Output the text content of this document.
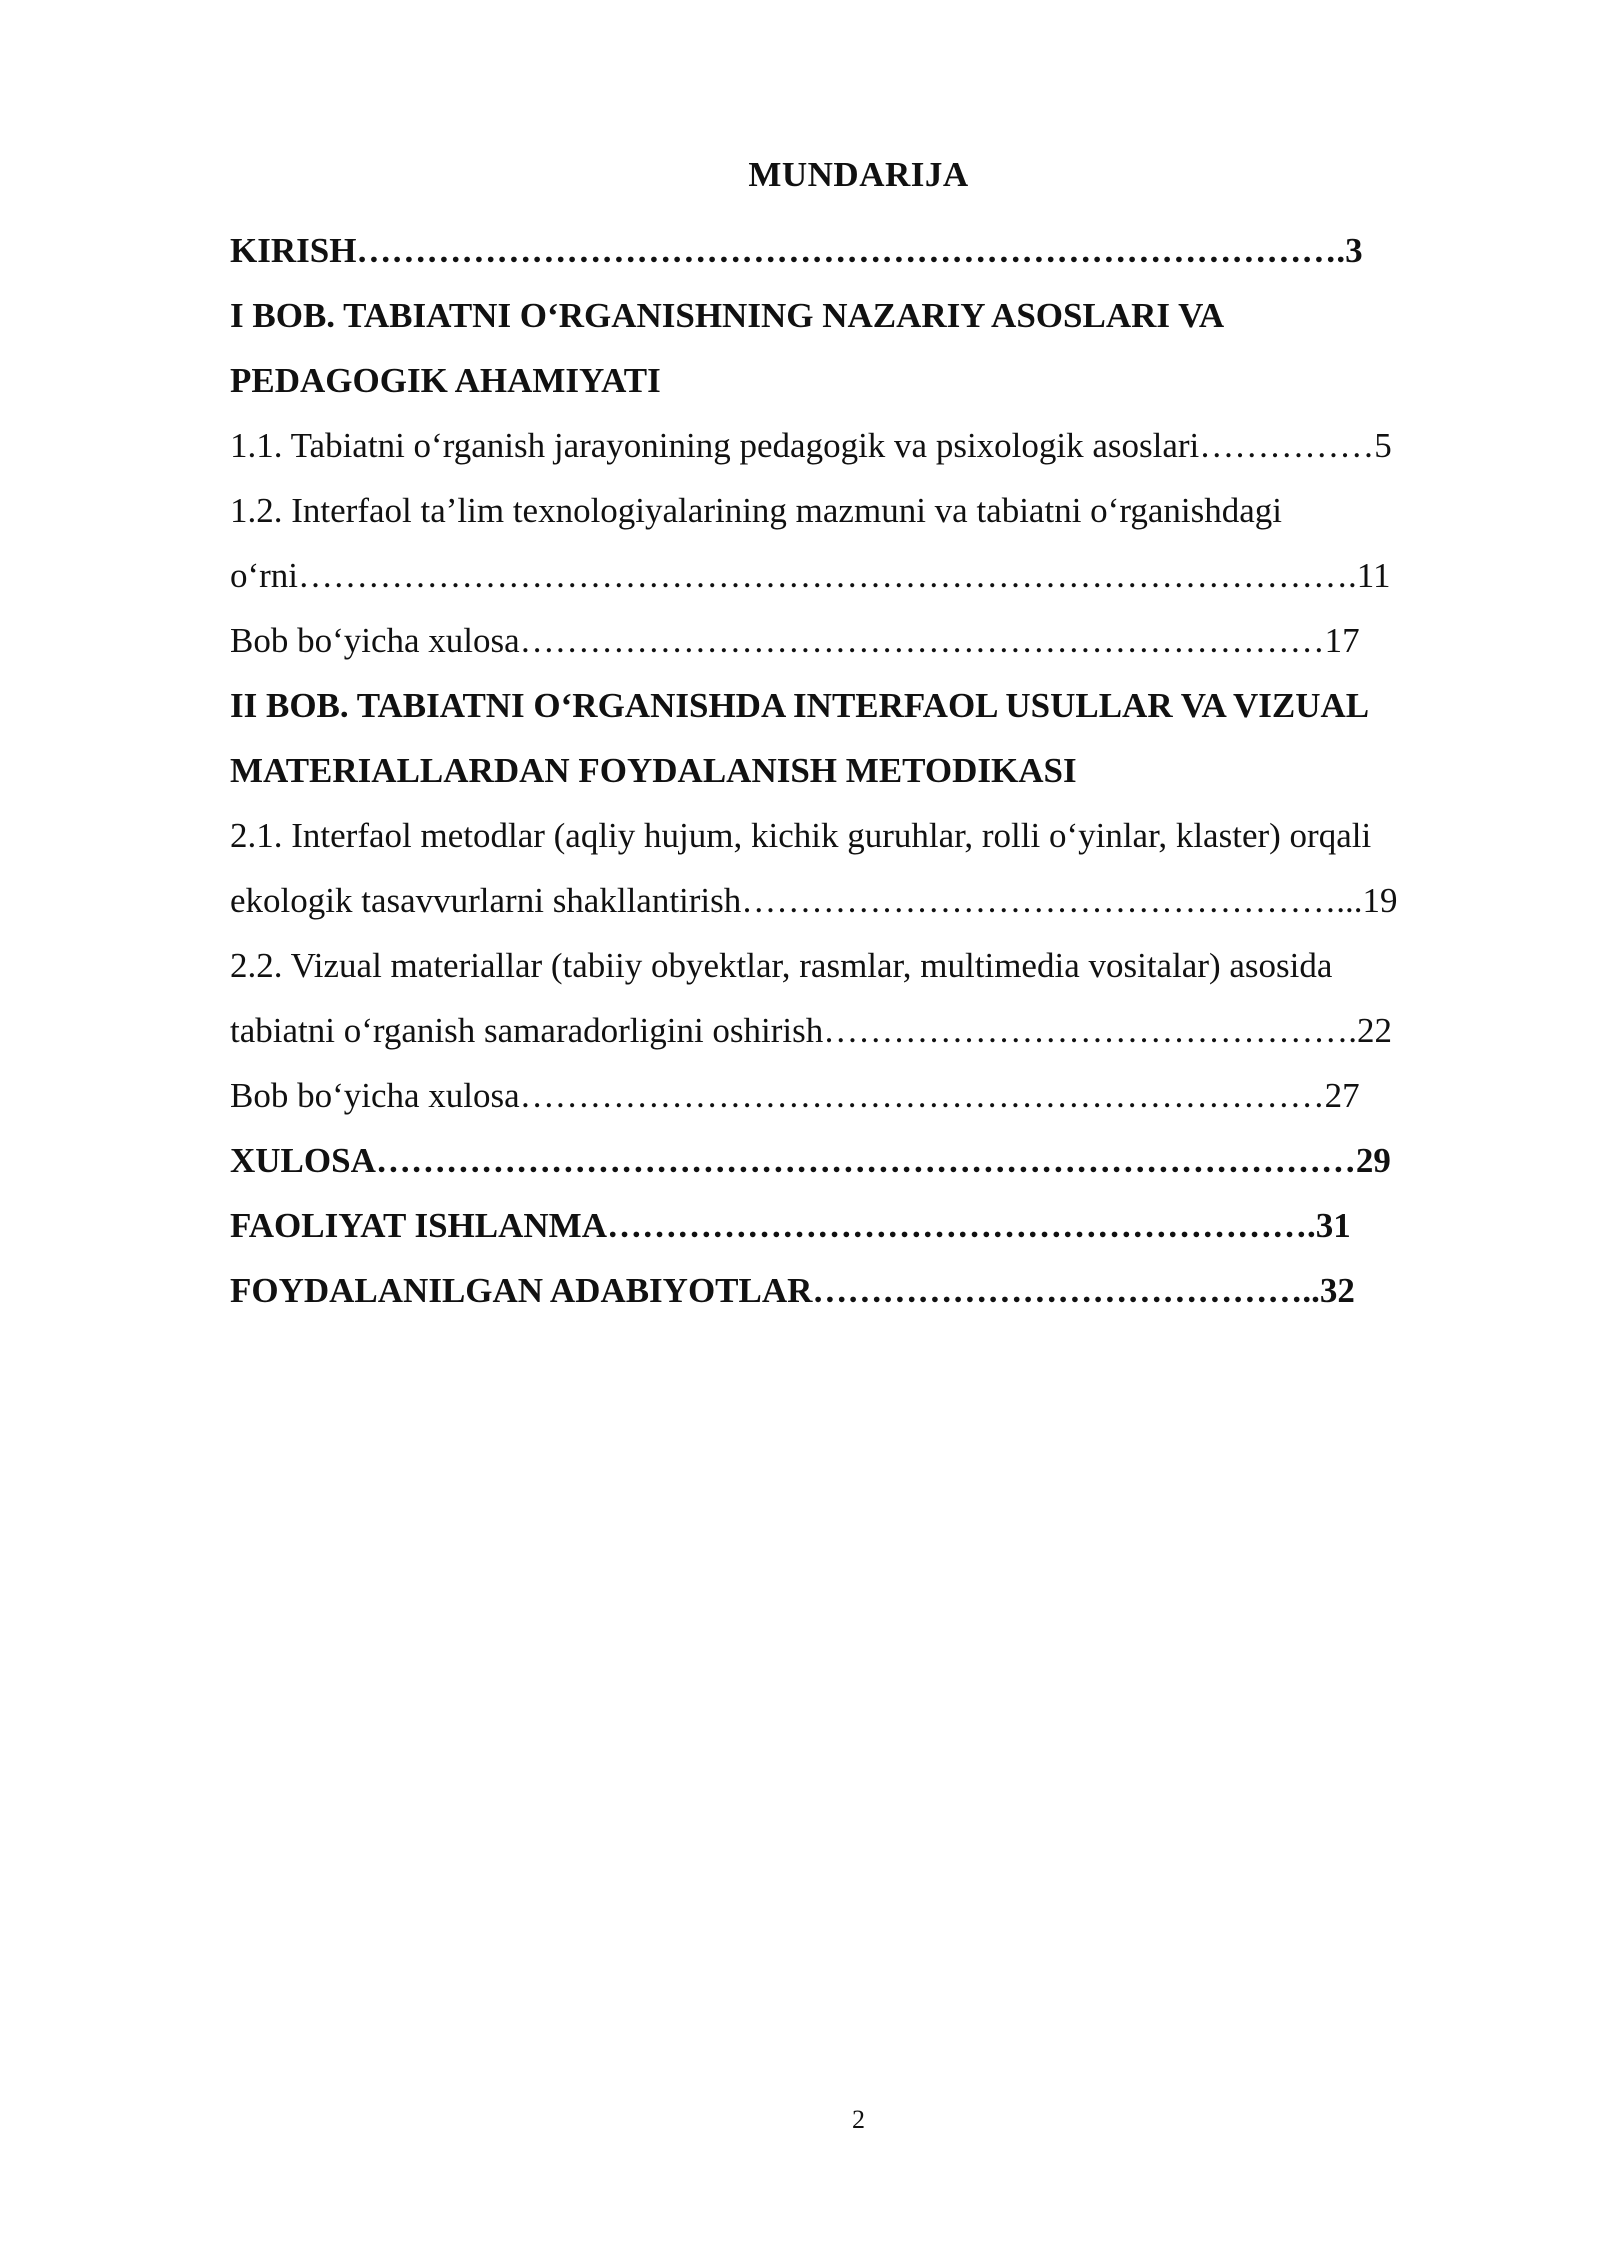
MUNDARIJA
KIRISH………………………………………………………………………….3
I BOB. TABIATNI O‘RGANISHNING NAZARIY ASOSLARI VA
PEDAGOGIK AHAMIYATI
1.1. Tabiatni o‘rganish jarayonining pedagogik va psixologik asoslari……………5
1.2. Interfaol ta’lim texnologiyalarining mazmuni va tabiatni o‘rganishdagi
o‘rni……………………………………………………………………………….11
Bob bo‘yicha xulosa……………………………………………………………17
II BOB. TABIATNI O‘RGANISHDA INTERFAOL USULLAR VA VIZUAL
MATERIALLARDAN FOYDALANISH METODIKASI
2.1. Interfaol metodlar (aqliy hujum, kichik guruhlar, rolli o‘yinlar, klaster) orqali
ekologik tasavvurlarni shakllantirish……………………………………………...19
2.2. Vizual materiallar (tabiiy obyektlar, rasmlar, multimedia vositalar) asosida
tabiatni o‘rganish samaradorligini oshirish……………………………………….22
Bob bo‘yicha xulosa……………………………………………………………27
XULOSA…………………………………………………………………………29
FAOLIYAT ISHLANMA…………………………………………………….31
FOYDALANILGAN ADABIYOTLAR……………………………………..32
2
